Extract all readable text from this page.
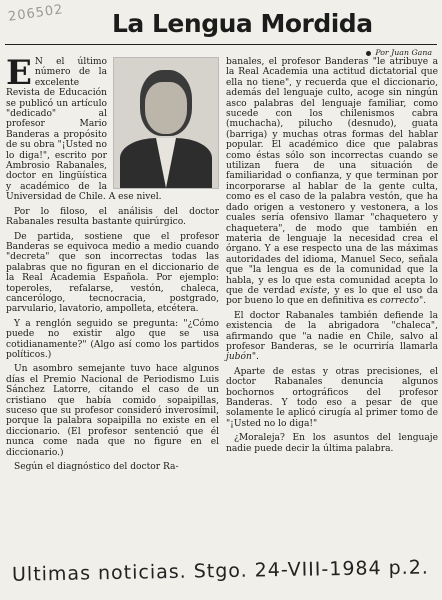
206502 La Lengua Mordida
Por Juan Gana

E N el último número de la excelente Revista de Educación se publicó un artículo "dedicado" al profesor Mario Banderas a propósito de su obra "¡Usted no lo diga!", escrito por Ambrosio Rabanales, doctor en lingüística y académico de la Universidad de Chile. A ese nivel.

Por lo filoso, el análisis del doctor Rabanales resulta bastante quirúrgico.

De partida, sostiene que el profesor Banderas se equivoca medio a medio cuando "decreta" que son incorrectas todas las palabras que no figuran en el diccionario de la Real Academia Española. Por ejemplo: toperoles, refalarse, vestón, chaleca, cancerólogo, tecnocracia, postgrado, parvulario, lavatorio, ampolleta, etcétera.

Y a renglón seguido se pregunta: "¿Cómo puede no existir algo que se usa cotidianamente?" (Algo así como los partidos políticos.)

Un asombro semejante tuvo hace algunos días el Premio Nacional de Periodismo Luis Sánchez Latorre, citando el caso de un cristiano que había comido sopaipillas, suceso que su profesor consideró inverosímil, porque la palabra sopaipilla no existe en el diccionario. (El profesor sentenció que él nunca come nada que no figure en el diccionario.)

Según el diagnóstico del doctor Ra-

banales, el profesor Banderas "le atribuye a la Real Academia una actitud dictatorial que ella no tiene", y recuerda que el diccionario, además del lenguaje culto, acoge sin ningún asco palabras del lenguaje familiar, como sucede con los chilenismos cabra (muchacha), pilucho (desnudo), guata (barriga) y muchas otras formas del hablar popular. El académico dice que palabras como éstas sólo son incorrectas cuando se utilizan fuera de una situación de familiaridad o confianza, y que terminan por incorporarse al hablar de la gente culta, como es el caso de la palabra vestón, que ha dado origen a vestonero y vestonera, a los cuales sería ofensivo llamar "chaquetero y chaquetera", de modo que también en materia de lenguaje la necesidad crea el órgano. Y a ese respecto una de las máximas autoridades del idioma, Manuel Seco, señala que "la lengua es de la comunidad que la habla, y es lo que esta comunidad acepta lo que de verdad existe, y es lo que el uso da por bueno lo que en definitiva es correcto".

El doctor Rabanales también defiende la existencia de la abrigadora "chaleca", afirmando que "a nadie en Chile, salvo al profesor Banderas, se le ocurriría llamarla jubón".

Aparte de estas y otras precisiones, el doctor Rabanales denuncia algunos bochornos ortográficos del profesor Banderas. Y todo eso a pesar de que solamente le aplicó cirugía al primer tomo de "¡Usted no lo diga!"

¿Moraleja? En los asuntos del lenguaje nadie puede decir la última palabra.

Ultimas noticias. Stgo. 24-VIII-1984 p.2.
